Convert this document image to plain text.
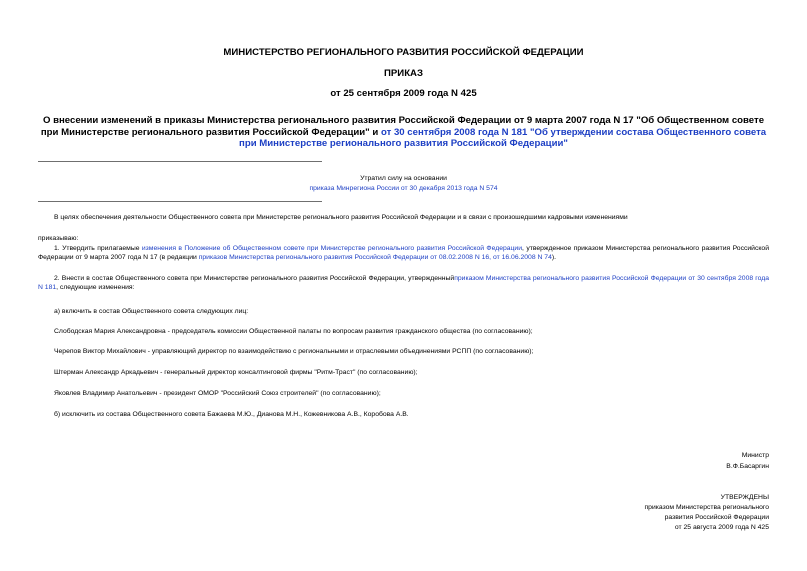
МИНИСТЕРСТВО РЕГИОНАЛЬНОГО РАЗВИТИЯ РОССИЙСКОЙ ФЕДЕРАЦИИ
ПРИКАЗ
от 25 сентября 2009 года N 425
О внесении изменений в приказы Министерства регионального развития Российской Федерации от 9 марта 2007 года N 17 "Об Общественном совете при Министерстве регионального развития Российской Федерации" и от 30 сентября 2008 года N 181 "Об утверждении состава Общественного совета при Министерстве регионального развития Российской Федерации"
Утратил силу на основании
приказа Минрегиона России от 30 декабря 2013 года N 574
В целях обеспечения деятельности Общественного совета при Министерстве регионального развития Российской Федерации и в связи с произошедшими кадровыми изменениями
приказываю:
1. Утвердить прилагаемые изменения в Положение об Общественном совете при Министерстве регионального развития Российской Федерации, утвержденное приказом Министерства регионального развития Российской Федерации от 9 марта 2007 года N 17 (в редакции приказов Министерства регионального развития Российской Федерации от 08.02.2008 N 16, от 16.06.2008 N 74).
2. Внести в состав Общественного совета при Министерстве регионального развития Российской Федерации, утвержденныйприказом Министерства регионального развития Российской Федерации от 30 сентября 2008 года N 181, следующие изменения:
а) включить в состав Общественного совета следующих лиц:
Слободская Мария Александровна - председатель комиссии Общественной палаты по вопросам развития гражданского общества (по согласованию);
Черепов Виктор Михайлович - управляющий директор по взаимодействию с региональными и отраслевыми объединениями РСПП (по согласованию);
Штерман Александр Аркадьевич - генеральный директор консалтинговой фирмы "Ритм-Траст" (по согласованию);
Яковлев Владимир Анатольевич - президент ОМОР "Российский Союз строителей" (по согласованию);
б) исключить из состава Общественного совета Бажаева М.Ю., Дианова М.Н., Кожевникова А.В., Коробова А.В.
Министр
В.Ф.Басаргин
УТВЕРЖДЕНЫ
приказом Министерства регионального
развития Российской Федерации
от 25 августа 2009 года N 425
